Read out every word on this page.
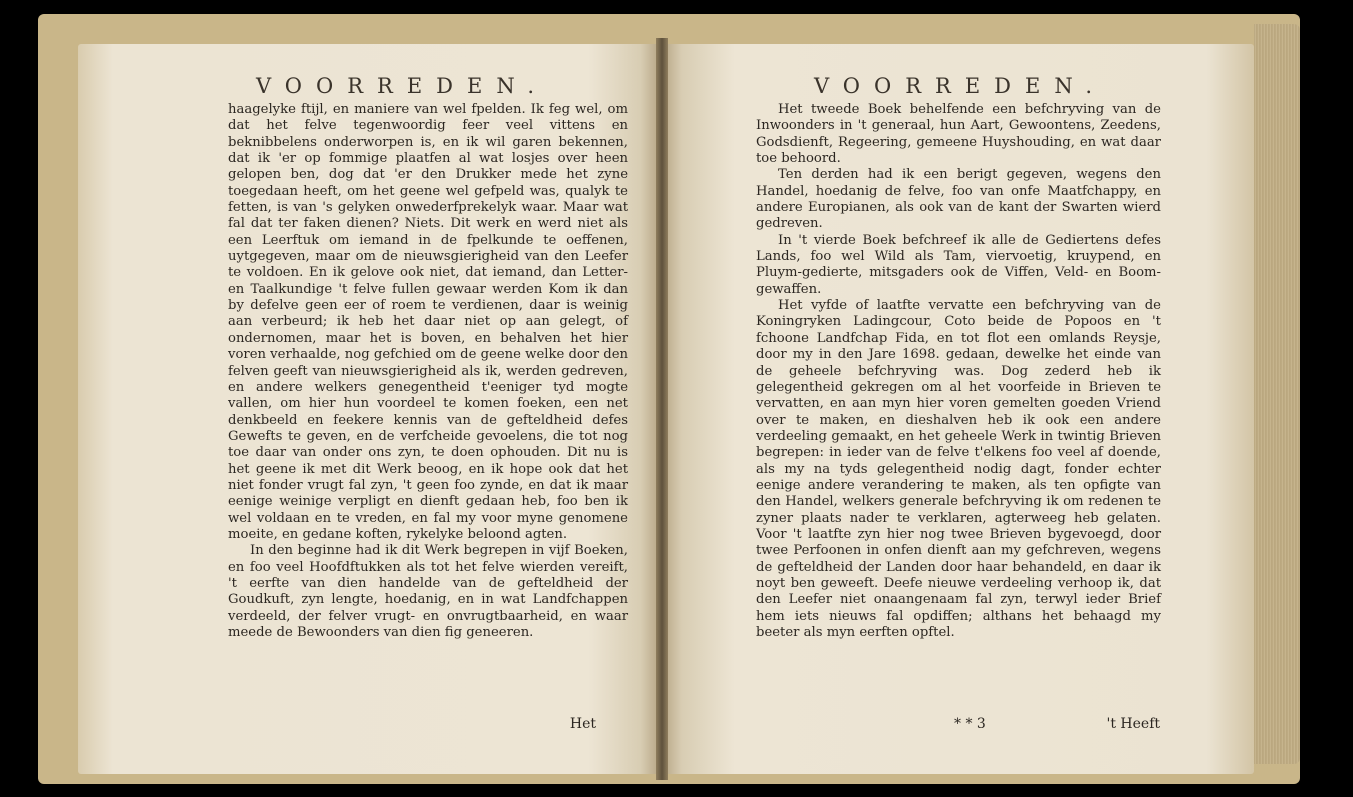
VOORREDEN.

haagelyke ftijl, en maniere van wel fpelden. Ik feg wel, om dat het felve tegenwoordig feer veel vittens en beknibbelens onderworpen is, en ik wil garen bekennen, dat ik 'er op fommige plaatfen al wat losjes over heen gelopen ben, dog dat 'er den Drukker mede het zyne toegedaan heeft, om het geene wel gefpeld was, qualyk te fetten, is van 's gelyken onwederfprekelyk waar. Maar wat fal dat ter faken dienen? Niets. Dit werk en werd niet als een Leerftuk om iemand in de fpelkunde te oeffenen, uytgegeven, maar om de nieuwsgierigheid van den Leefer te voldoen. En ik gelove ook niet, dat iemand, dan Letter- en Taalkundige 't felve fullen gewaar werden Kom ik dan by defelve geen eer of roem te verdienen, daar is weinig aan verbeurd; ik heb het daar niet op aan gelegt, of ondernomen, maar het is boven, en behalven het hier voren verhaalde, nog gefchied om de geene welke door den felven geeft van nieuwsgierigheid als ik, werden gedreven, en andere welkers genegentheid t'eeniger tyd mogte vallen, om hier hun voordeel te komen foeken, een net denkbeeld en feekere kennis van de gefteldheid defes Gewefts te geven, en de verfcheide gevoelens, die tot nog toe daar van onder ons zyn, te doen ophouden. Dit nu is het geene ik met dit Werk beoog, en ik hope ook dat het niet fonder vrugt fal zyn, 't geen foo zynde, en dat ik maar eenige weinige verpligt en dienft gedaan heb, foo ben ik wel voldaan en te vreden, en fal my voor myne genomene moeite, en gedane koften, rykelyke beloond agten.

In den beginne had ik dit Werk begrepen in vijf Boeken, en foo veel Hoofdftukken als tot het felve wierden vereift, 't eerfte van dien handelde van de gefteldheid der Goudkuft, zyn lengte, hoedanig, en in wat Landfchappen verdeeld, der felver vrugt- en onvrugtbaarheid, en waar meede de Bewoonders van dien fig geneeren.

Het
VOORREDEN.

Het tweede Boek behelfende een befchryving van de Inwoonders in 't generaal, hun Aart, Gewoontens, Zeedens, Godsdienft, Regeering, gemeene Huyshouding, en wat daar toe behoord.

Ten derden had ik een berigt gegeven, wegens den Handel, hoedanig de felve, foo van onfe Maatfchappy, en andere Europianen, als ook van de kant der Swarten wierd gedreven.

In 't vierde Boek befchreef ik alle de Gediertens defes Lands, foo wel Wild als Tam, viervoetig, kruypend, en Pluym-gedierte, mitsgaders ook de Viffen, Veld- en Boom-gewaffen.

Het vyfde of laatfte vervatte een befchryving van de Koningryken Ladingcour, Coto beide de Popoos en 't fchoone Landfchap Fida, en tot flot een omlands Reysje, door my in den Jare 1698. gedaan, dewelke het einde van de geheele befchryving was. Dog zederd heb ik gelegentheid gekregen om al het voorfeide in Brieven te vervatten, en aan myn hier voren gemelten goeden Vriend over te maken, en dieshalven heb ik ook een andere verdeeling gemaakt, en het geheele Werk in twintig Brieven begrepen: in ieder van de felve t'elkens foo veel af doende, als my na tyds gelegentheid nodig dagt, fonder echter eenige andere verandering te maken, als ten opfigte van den Handel, welkers generale befchryving ik om redenen te zyner plaats nader te verklaren, agterweeg heb gelaten. Voor 't laatfte zyn hier nog twee Brieven bygevoegd, door twee Perfoonen in onfen dienft aan my gefchreven, wegens de gefteldheid der Landen door haar behandeld, en daar ik noyt ben geweeft. Deefe nieuwe verdeeling verhoop ik, dat den Leefer niet onaangenaam fal zyn, terwyl ieder Brief hem iets nieuws fal opdiffen; althans het behaagd my beeter als myn eerften opftel.

* * 3	't Heeft
